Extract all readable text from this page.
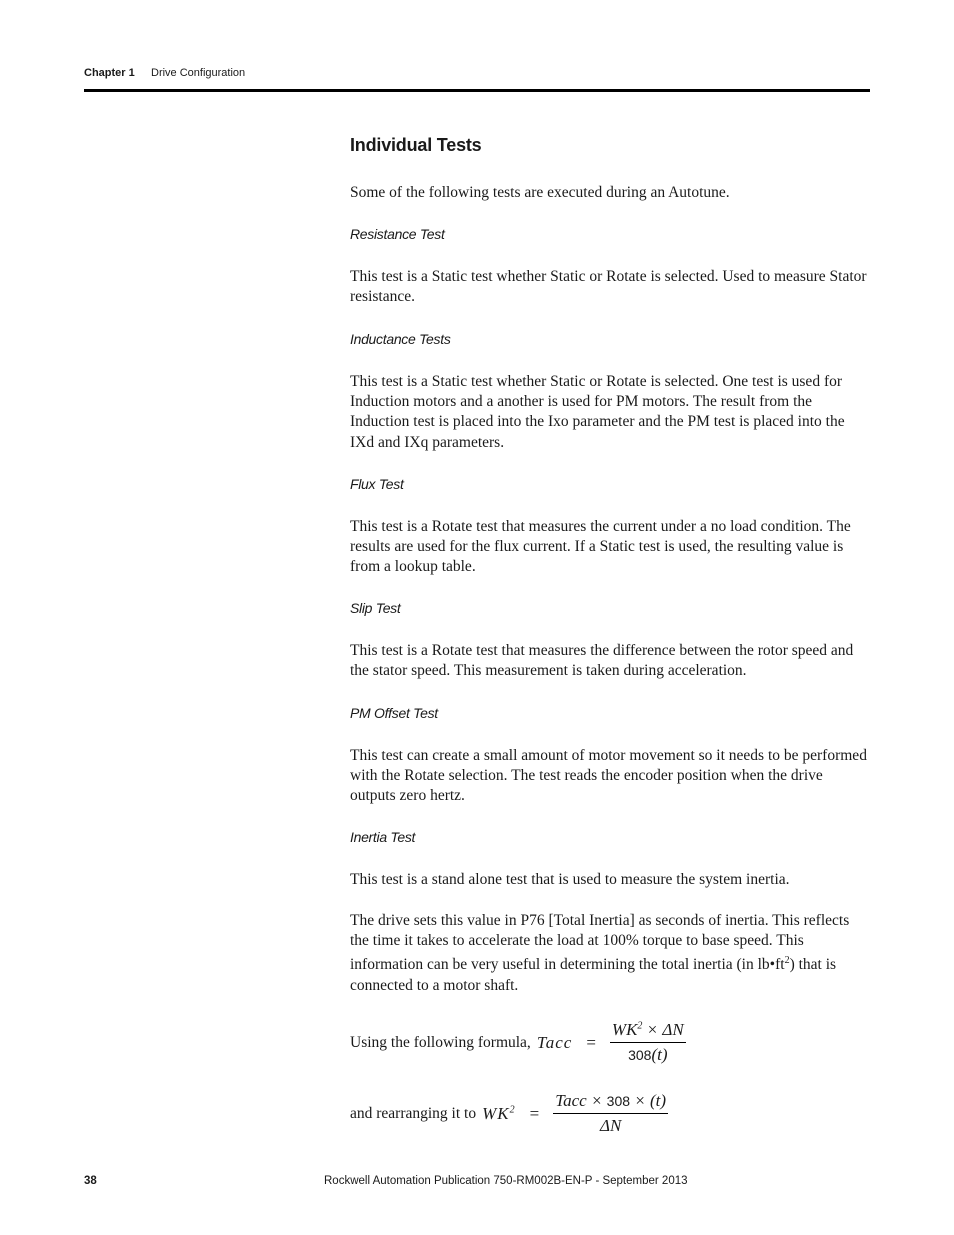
Chapter 1 Drive Configuration
Individual Tests

Some of the following tests are executed during an Autotune.

Resistance Test

This test is a Static test whether Static or Rotate is selected. Used to measure Stator resistance.

Inductance Tests

This test is a Static test whether Static or Rotate is selected. One test is used for Induction motors and a another is used for PM motors. The result from the Induction test is placed into the Ixo parameter and the PM test is placed into the IXd and IXq parameters.

Flux Test

This test is a Rotate test that measures the current under a no load condition. The results are used for the flux current. If a Static test is used, the resulting value is from a lookup table.

Slip Test

This test is a Rotate test that measures the difference between the rotor speed and the stator speed. This measurement is taken during acceleration.

PM Offset Test

This test can create a small amount of motor movement so it needs to be performed with the Rotate selection. The test reads the encoder position when the drive outputs zero hertz.

Inertia Test

This test is a stand alone test that is used to measure the system inertia.

The drive sets this value in P76 [Total Inertia] as seconds of inertia. This reflects the time it takes to accelerate the load at 100% torque to base speed. This information can be very useful in determining the total inertia (in $lb•ft^2$) that is connected to a motor shaft.

Using the following formula, Tacc = $\frac{WK^2 \times \Delta N}{308(t)}$
and rearranging it to $WK^2 = \frac{\text{Tacc × 308 × (t)}}{\Delta N}$
38	Rockwell Automation Publication 750-RM002B-EN-P - September 2013
